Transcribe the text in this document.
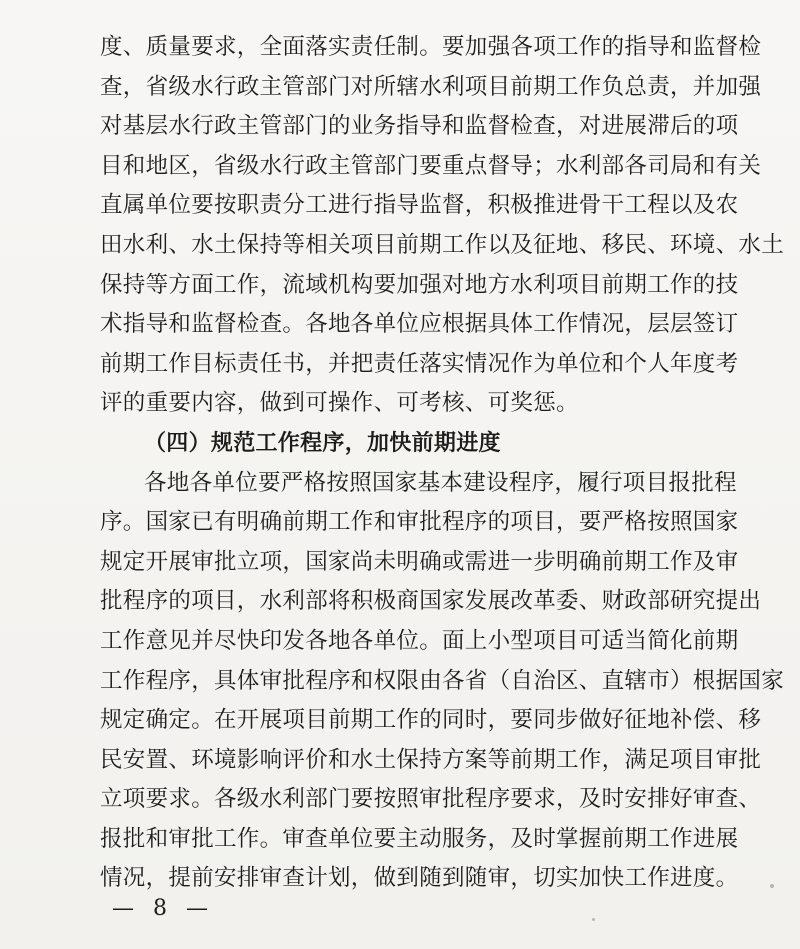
度、质量要求，全面落实责任制。要加强各项工作的指导和监督检
查，省级水行政主管部门对所辖水利项目前期工作负总责，并加强
对基层水行政主管部门的业务指导和监督检查，对进展滞后的项
目和地区，省级水行政主管部门要重点督导；水利部各司局和有关
直属单位要按职责分工进行指导监督，积极推进骨干工程以及农
田水利、水土保持等相关项目前期工作以及征地、移民、环境、水土
保持等方面工作，流域机构要加强对地方水利项目前期工作的技
术指导和监督检查。各地各单位应根据具体工作情况，层层签订
前期工作目标责任书，并把责任落实情况作为单位和个人年度考
评的重要内容，做到可操作、可考核、可奖惩。
（四）规范工作程序，加快前期进度
各地各单位要严格按照国家基本建设程序，履行项目报批程
序。国家已有明确前期工作和审批程序的项目，要严格按照国家
规定开展审批立项，国家尚未明确或需进一步明确前期工作及审
批程序的项目，水利部将积极商国家发展改革委、财政部研究提出
工作意见并尽快印发各地各单位。面上小型项目可适当简化前期
工作程序，具体审批程序和权限由各省（自治区、直辖市）根据国家
规定确定。在开展项目前期工作的同时，要同步做好征地补偿、移
民安置、环境影响评价和水土保持方案等前期工作，满足项目审批
立项要求。各级水利部门要按照审批程序要求，及时安排好审查、
报批和审批工作。审查单位要主动服务，及时掌握前期工作进展
情况，提前安排审查计划，做到随到随审，切实加快工作进度。
— 8 —
